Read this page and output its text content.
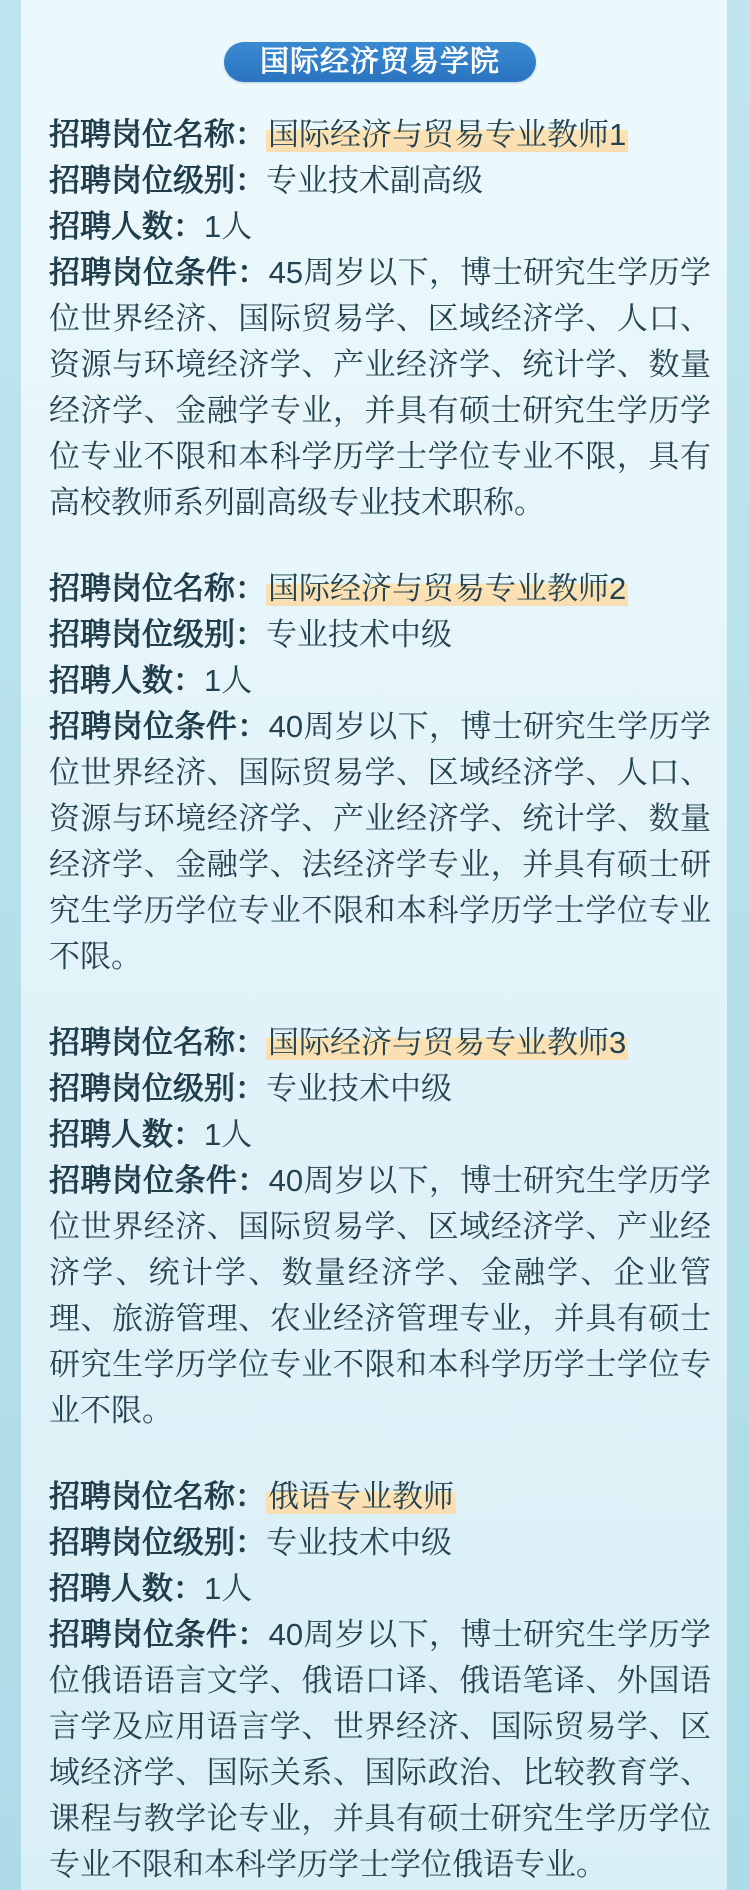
国际经济贸易学院
招聘岗位名称：国际经济与贸易专业教师1
招聘岗位级别：专业技术副高级
招聘人数：1人
招聘岗位条件：45周岁以下，博士研究生学历学位世界经济、国际贸易学、区域经济学、人口、资源与环境经济学、产业经济学、统计学、数量经济学、金融学专业，并具有硕士研究生学历学位专业不限和本科学历学士学位专业不限，具有高校教师系列副高级专业技术职称。
招聘岗位名称：国际经济与贸易专业教师2
招聘岗位级别：专业技术中级
招聘人数：1人
招聘岗位条件：40周岁以下，博士研究生学历学位世界经济、国际贸易学、区域经济学、人口、资源与环境经济学、产业经济学、统计学、数量经济学、金融学、法经济学专业，并具有硕士研究生学历学位专业不限和本科学历学士学位专业不限。
招聘岗位名称：国际经济与贸易专业教师3
招聘岗位级别：专业技术中级
招聘人数：1人
招聘岗位条件：40周岁以下，博士研究生学历学位世界经济、国际贸易学、区域经济学、产业经济学、统计学、数量经济学、金融学、企业管理、旅游管理、农业经济管理专业，并具有硕士研究生学历学位专业不限和本科学历学士学位专业不限。
招聘岗位名称：俄语专业教师
招聘岗位级别：专业技术中级
招聘人数：1人
招聘岗位条件：40周岁以下，博士研究生学历学位俄语语言文学、俄语口译、俄语笔译、外国语言学及应用语言学、世界经济、国际贸易学、区域经济学、国际关系、国际政治、比较教育学、课程与教学论专业，并具有硕士研究生学历学位专业不限和本科学历学士学位俄语专业。
